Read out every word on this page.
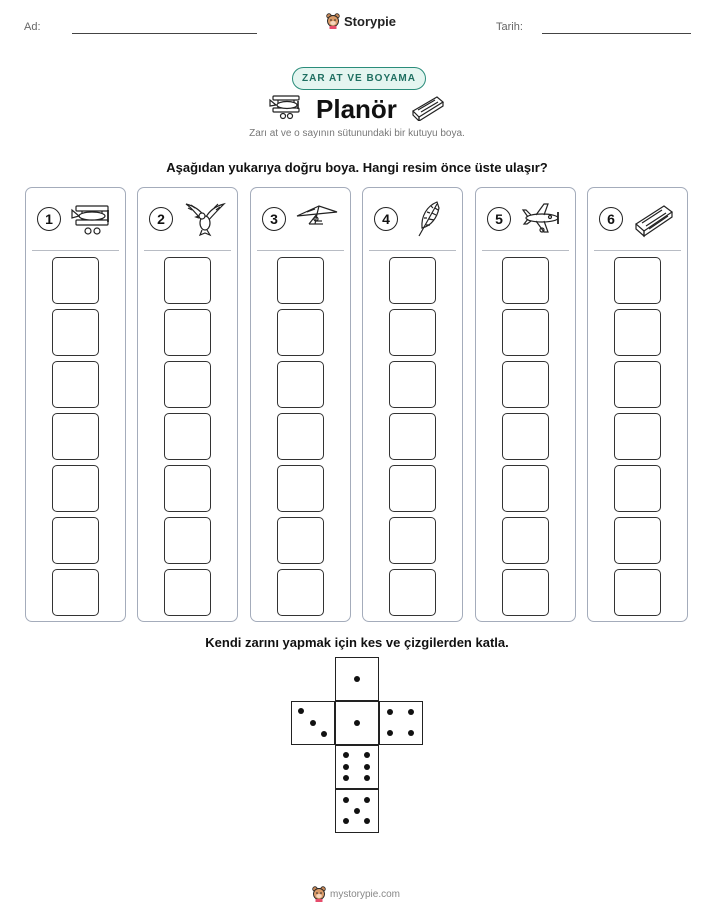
Ad:	Storypie	Tarih:
ZAR AT VE BOYAMA
Planör
Zarı at ve o sayının sütunundaki bir kutuyu boya.
Aşağıdan yukarıya doğru boya. Hangi resim önce üste ulaşır?
1	2	3	4	5	6
Kendi zarını yapmak için kes ve çizgilerden katla.
mystorypie.com
